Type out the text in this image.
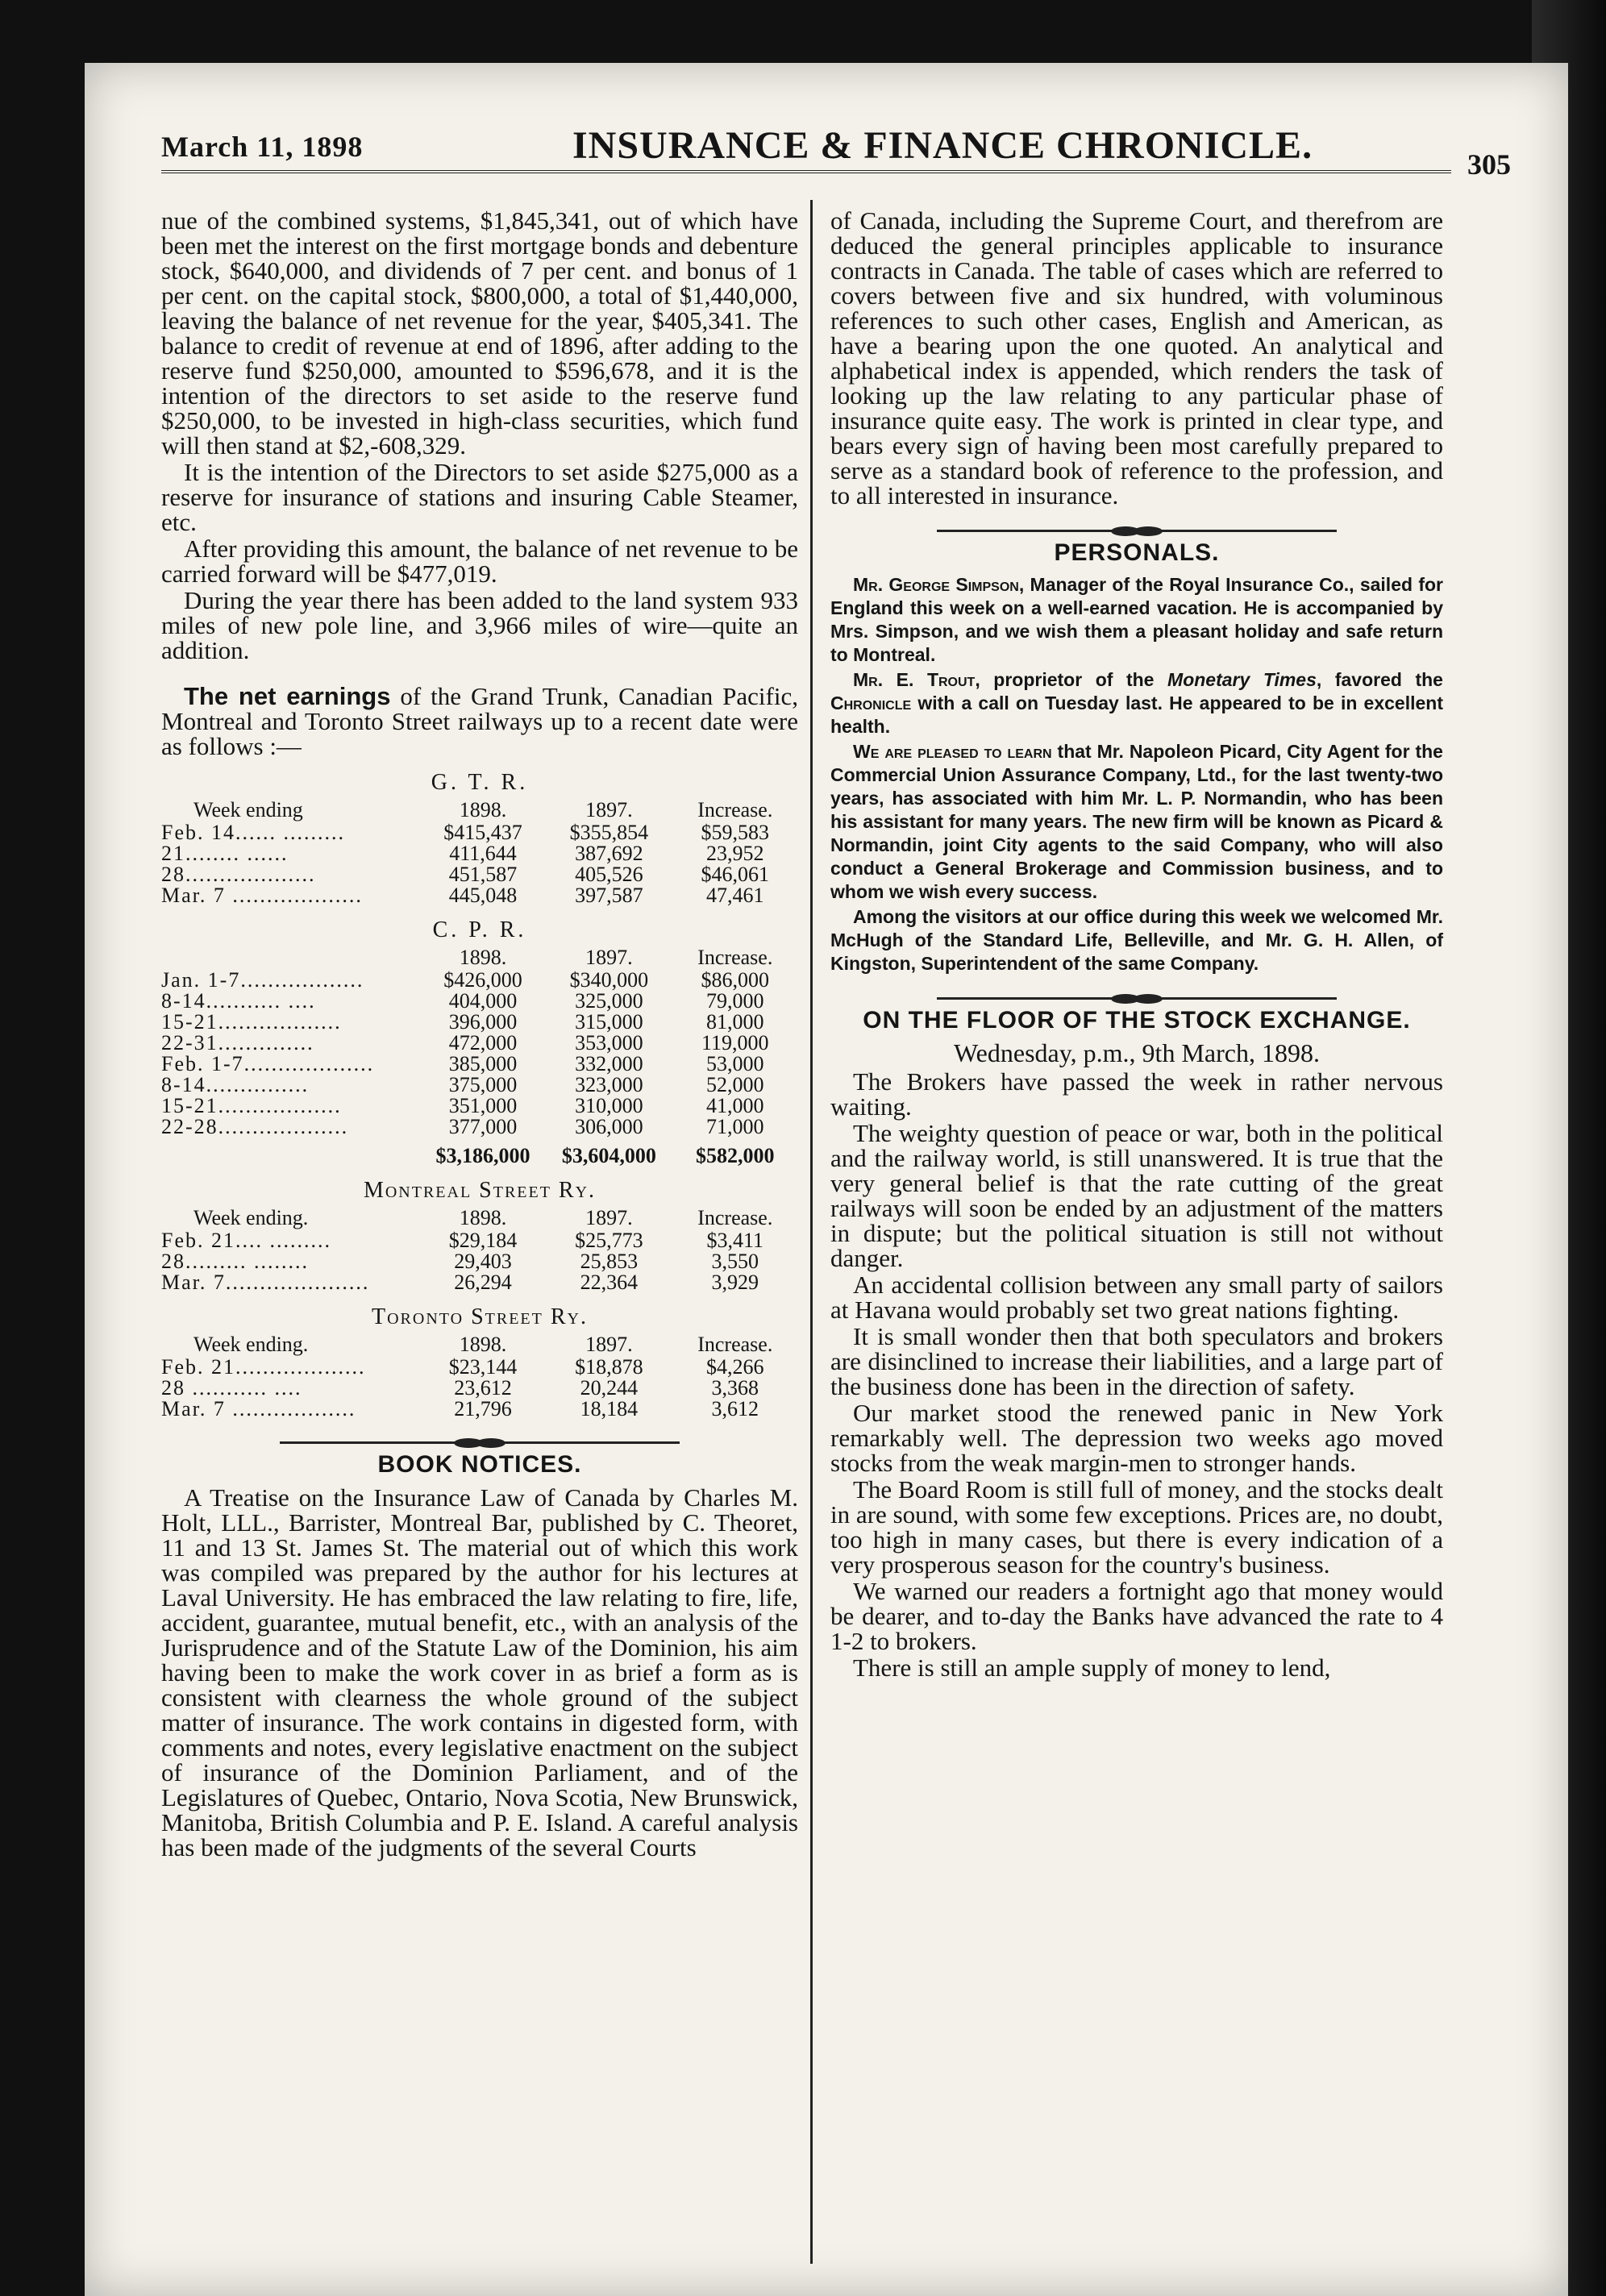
March 11, 1898	INSURANCE & FINANCE CHRONICLE.	305

nue of the combined systems, $1,845,341, out of which have been met the interest on the first mortgage bonds and debenture stock, $640,000, and dividends of 7 per cent. and bonus of 1 per cent. on the capital stock, $800,000, a total of $1,440,000, leaving the balance of net revenue for the year, $405,341. The balance to credit of revenue at end of 1896, after adding to the reserve fund $250,000, amounted to $596,678, and it is the intention of the directors to set aside to the reserve fund $250,000, to be invested in high-class securities, which fund will then stand at $2,-608,329.

It is the intention of the Directors to set aside $275,000 as a reserve for insurance of stations and insuring Cable Steamer, etc.

After providing this amount, the balance of net revenue to be carried forward will be $477,019.

During the year there has been added to the land system 933 miles of new pole line, and 3,966 miles of wire—quite an addition.

The net earnings of the Grand Trunk, Canadian Pacific, Montreal and Toronto Street railways up to a recent date were as follows :—

G. T. R.
Week ending	1898.	1897.	Increase.
Feb. 14...... .........	$415,437	$355,854	$59,583
21........ ......	411,644	387,692	23,952
28...................	451,587	405,526	$46,061
Mar. 7 ...................	445,048	397,587	47,461
C. P. R.
	1898.	1897.	Increase.
Jan. 1-7..................	$426,000	$340,000	$86,000
8-14........... ....	404,000	325,000	79,000
15-21..................	396,000	315,000	81,000
22-31..............	472,000	353,000	119,000
Feb. 1-7...................	385,000	332,000	53,000
8-14...............	375,000	323,000	52,000
15-21..................	351,000	310,000	41,000
22-28...................	377,000	306,000	71,000
	$3,186,000	$3,604,000	$582,000
Montreal Street Ry.
Week ending.	1898.	1897.	Increase.
Feb. 21.... .........	$29,184	$25,773	$3,411
28......... ........	29,403	25,853	3,550
Mar. 7.....................	26,294	22,364	3,929
Toronto Street Ry.
Week ending.	1898.	1897.	Increase.
Feb. 21...................	$23,144	$18,878	$4,266
28 ........... ....	23,612	20,244	3,368
Mar. 7 ..................	21,796	18,184	3,612
BOOK NOTICES.

A Treatise on the Insurance Law of Canada by Charles M. Holt, LLL., Barrister, Montreal Bar, published by C. Theoret, 11 and 13 St. James St. The material out of which this work was compiled was prepared by the author for his lectures at Laval University. He has embraced the law relating to fire, life, accident, guarantee, mutual benefit, etc., with an analysis of the Jurisprudence and of the Statute Law of the Dominion, his aim having been to make the work cover in as brief a form as is consistent with clearness the whole ground of the subject matter of insurance. The work contains in digested form, with comments and notes, every legislative enactment on the subject of insurance of the Dominion Parliament, and of the Legislatures of Quebec, Ontario, Nova Scotia, New Brunswick, Manitoba, British Columbia and P. E. Island. A careful analysis has been made of the judgments of the several Courts

of Canada, including the Supreme Court, and therefrom are deduced the general principles applicable to insurance contracts in Canada. The table of cases which are referred to covers between five and six hundred, with voluminous references to such other cases, English and American, as have a bearing upon the one quoted. An analytical and alphabetical index is appended, which renders the task of looking up the law relating to any particular phase of insurance quite easy. The work is printed in clear type, and bears every sign of having been most carefully prepared to serve as a standard book of reference to the profession, and to all interested in insurance.

PERSONALS.

Mr. George Simpson, Manager of the Royal Insurance Co., sailed for England this week on a well-earned vacation. He is accompanied by Mrs. Simpson, and we wish them a pleasant holiday and safe return to Montreal.

Mr. E. Trout, proprietor of the Monetary Times, favored the Chronicle with a call on Tuesday last. He appeared to be in excellent health.

We are pleased to learn that Mr. Napoleon Picard, City Agent for the Commercial Union Assurance Company, Ltd., for the last twenty-two years, has associated with him Mr. L. P. Normandin, who has been his assistant for many years. The new firm will be known as Picard & Normandin, joint City agents to the said Company, who will also conduct a General Brokerage and Commission business, and to whom we wish every success.

Among the visitors at our office during this week we welcomed Mr. McHugh of the Standard Life, Belleville, and Mr. G. H. Allen, of Kingston, Superintendent of the same Company.

ON THE FLOOR OF THE STOCK EXCHANGE.
Wednesday, p.m., 9th March, 1898.

The Brokers have passed the week in rather nervous waiting.

The weighty question of peace or war, both in the political and the railway world, is still unanswered. It is true that the very general belief is that the rate cutting of the great railways will soon be ended by an adjustment of the matters in dispute; but the political situation is still not without danger.

An accidental collision between any small party of sailors at Havana would probably set two great nations fighting.

It is small wonder then that both speculators and brokers are disinclined to increase their liabilities, and a large part of the business done has been in the direction of safety.

Our market stood the renewed panic in New York remarkably well. The depression two weeks ago moved stocks from the weak margin-men to stronger hands.

The Board Room is still full of money, and the stocks dealt in are sound, with some few exceptions. Prices are, no doubt, too high in many cases, but there is every indication of a very prosperous season for the country's business.

We warned our readers a fortnight ago that money would be dearer, and to-day the Banks have advanced the rate to 4 1-2 to brokers.

There is still an ample supply of money to lend,
